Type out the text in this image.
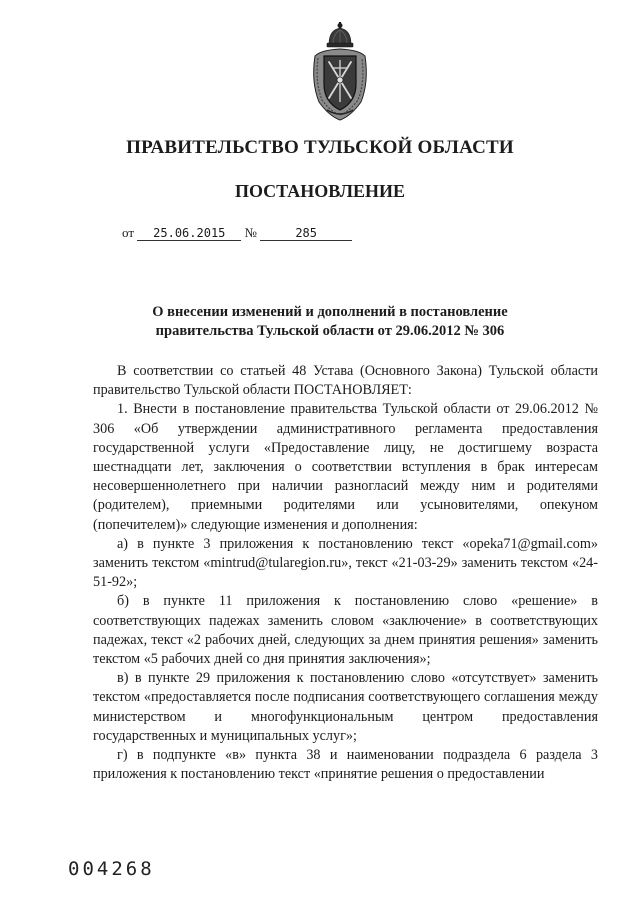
ПРАВИТЕЛЬСТВО ТУЛЬСКОЙ ОБЛАСТИ
ПОСТАНОВЛЕНИЕ
от 25.06.2015 №	285
О внесении изменений и дополнений в постановление
правительства Тульской области от 29.06.2012 № 306

В соответствии со статьей 48 Устава (Основного Закона) Тульской области правительство Тульской области ПОСТАНОВЛЯЕТ:

1. Внести в постановление правительства Тульской области от 29.06.2012 № 306 «Об утверждении административного регламента предоставления государственной услуги «Предоставление лицу, не достигшему возраста шестнадцати лет, заключения о соответствии вступления в брак интересам несовершеннолетнего при наличии разногласий между ним и родителями (родителем), приемными родителями или усыновителями, опекуном (попечителем)» следующие изменения и дополнения:

а) в пункте 3 приложения к постановлению текст «opeka71@gmail.com» заменить текстом «mintrud@tularegion.ru», текст «21-03-29» заменить текстом «24-51-92»;

б) в пункте 11 приложения к постановлению слово «решение» в соответствующих падежах заменить словом «заключение» в соответствующих падежах, текст «2 рабочих дней, следующих за днем принятия решения» заменить текстом «5 рабочих дней со дня принятия заключения»;

в) в пункте 29 приложения к постановлению слово «отсутствует» заменить текстом «предоставляется после подписания соответствующего соглашения между министерством и многофункциональным центром предоставления государственных и муниципальных услуг»;

г) в подпункте «в» пункта 38 и наименовании подраздела 6 раздела 3 приложения к постановлению текст «принятие решения о предоставлении

004268
